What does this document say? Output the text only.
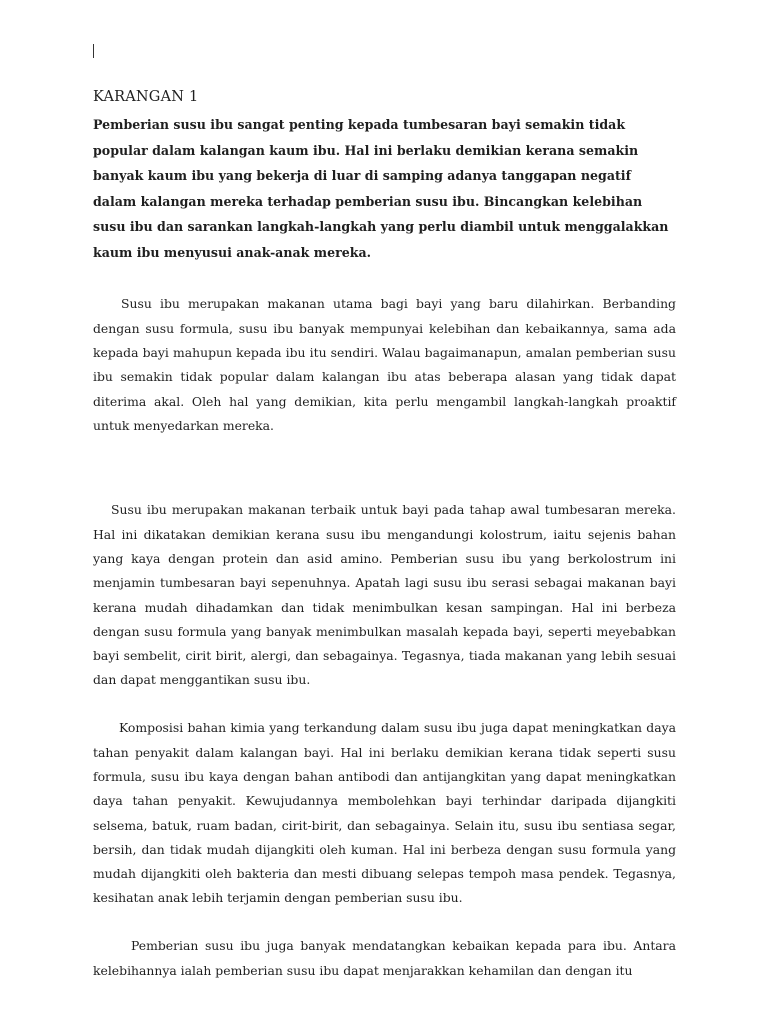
KARANGAN 1
Pemberian susu ibu sangat penting kepada tumbesaran bayi semakin tidak popular dalam kalangan kaum ibu. Hal ini berlaku demikian kerana semakin banyak kaum ibu yang bekerja di luar di samping adanya tanggapan negatif dalam kalangan mereka terhadap pemberian susu ibu. Bincangkan kelebihan susu ibu dan sarankan langkah-langkah yang perlu diambil untuk menggalakkan kaum ibu menyusui anak-anak mereka.

Susu ibu merupakan makanan utama bagi bayi yang baru dilahirkan. Berbanding dengan susu formula, susu ibu banyak mempunyai kelebihan dan kebaikannya, sama ada kepada bayi mahupun kepada ibu itu sendiri. Walau bagaimanapun, amalan pemberian susu ibu semakin tidak popular dalam kalangan ibu atas beberapa alasan yang tidak dapat diterima akal. Oleh hal yang demikian, kita perlu mengambil langkah-langkah proaktif untuk menyedarkan mereka.

Susu ibu merupakan makanan terbaik untuk bayi pada tahap awal tumbesaran mereka. Hal ini dikatakan demikian kerana susu ibu mengandungi kolostrum, iaitu sejenis bahan yang kaya dengan protein dan asid amino. Pemberian susu ibu yang berkolostrum ini menjamin tumbesaran bayi sepenuhnya. Apatah lagi susu ibu serasi sebagai makanan bayi kerana mudah dihadamkan dan tidak menimbulkan kesan sampingan. Hal ini berbeza dengan susu formula yang banyak menimbulkan masalah kepada bayi, seperti meyebabkan bayi sembelit, cirit birit, alergi, dan sebagainya. Tegasnya, tiada makanan yang lebih sesuai dan dapat menggantikan susu ibu.

Komposisi bahan kimia yang terkandung dalam susu ibu juga dapat meningkatkan daya tahan penyakit dalam kalangan bayi. Hal ini berlaku demikian kerana tidak seperti susu formula, susu ibu kaya dengan bahan antibodi dan antijangkitan yang dapat meningkatkan daya tahan penyakit. Kewujudannya membolehkan bayi terhindar daripada dijangkiti selsema, batuk, ruam badan, cirit-birit, dan sebagainya. Selain itu, susu ibu sentiasa segar, bersih, dan tidak mudah dijangkiti oleh kuman. Hal ini berbeza dengan susu formula yang mudah dijangkiti oleh bakteria dan mesti dibuang selepas tempoh masa pendek. Tegasnya, kesihatan anak lebih terjamin dengan pemberian susu ibu.

Pemberian susu ibu juga banyak mendatangkan kebaikan kepada para ibu. Antara kelebihannya ialah pemberian susu ibu dapat menjarakkan kehamilan dan dengan itu
